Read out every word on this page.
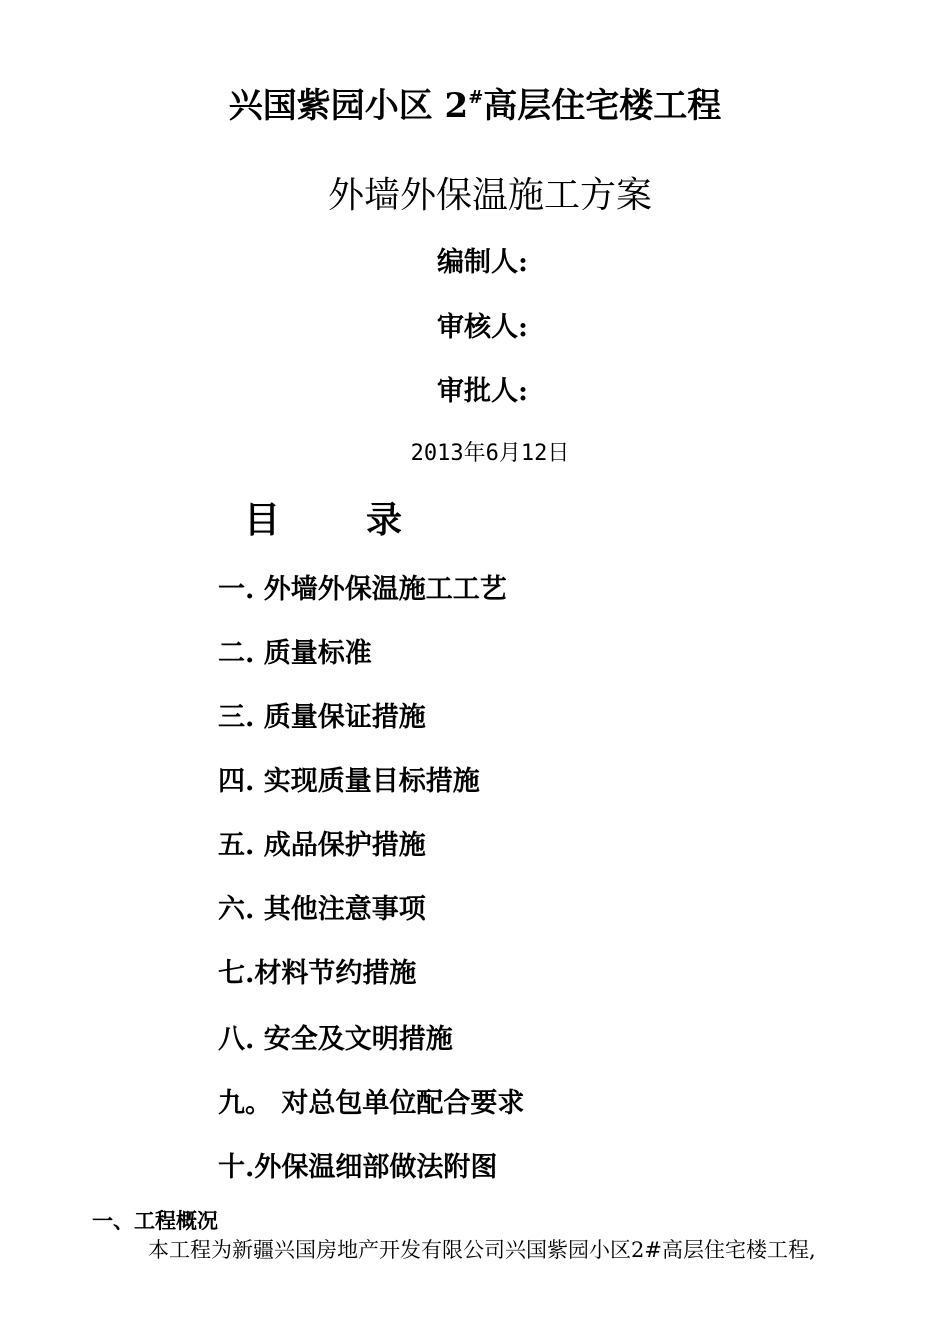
兴国紫园小区 2#高层住宅楼工程
外墙外保温施工方案
编制人:
审核人:
审批人:
2013年6月12日
目 录
一. 外墙外保温施工工艺
二. 质量标准
三. 质量保证措施
四. 实现质量目标措施
五. 成品保护措施
六. 其他注意事项
七.材料节约措施
八. 安全及文明措施
九。 对总包单位配合要求
十.外保温细部做法附图
一、工程概况
本工程为新疆兴国房地产开发有限公司兴国紫园小区2#高层住宅楼工程,
